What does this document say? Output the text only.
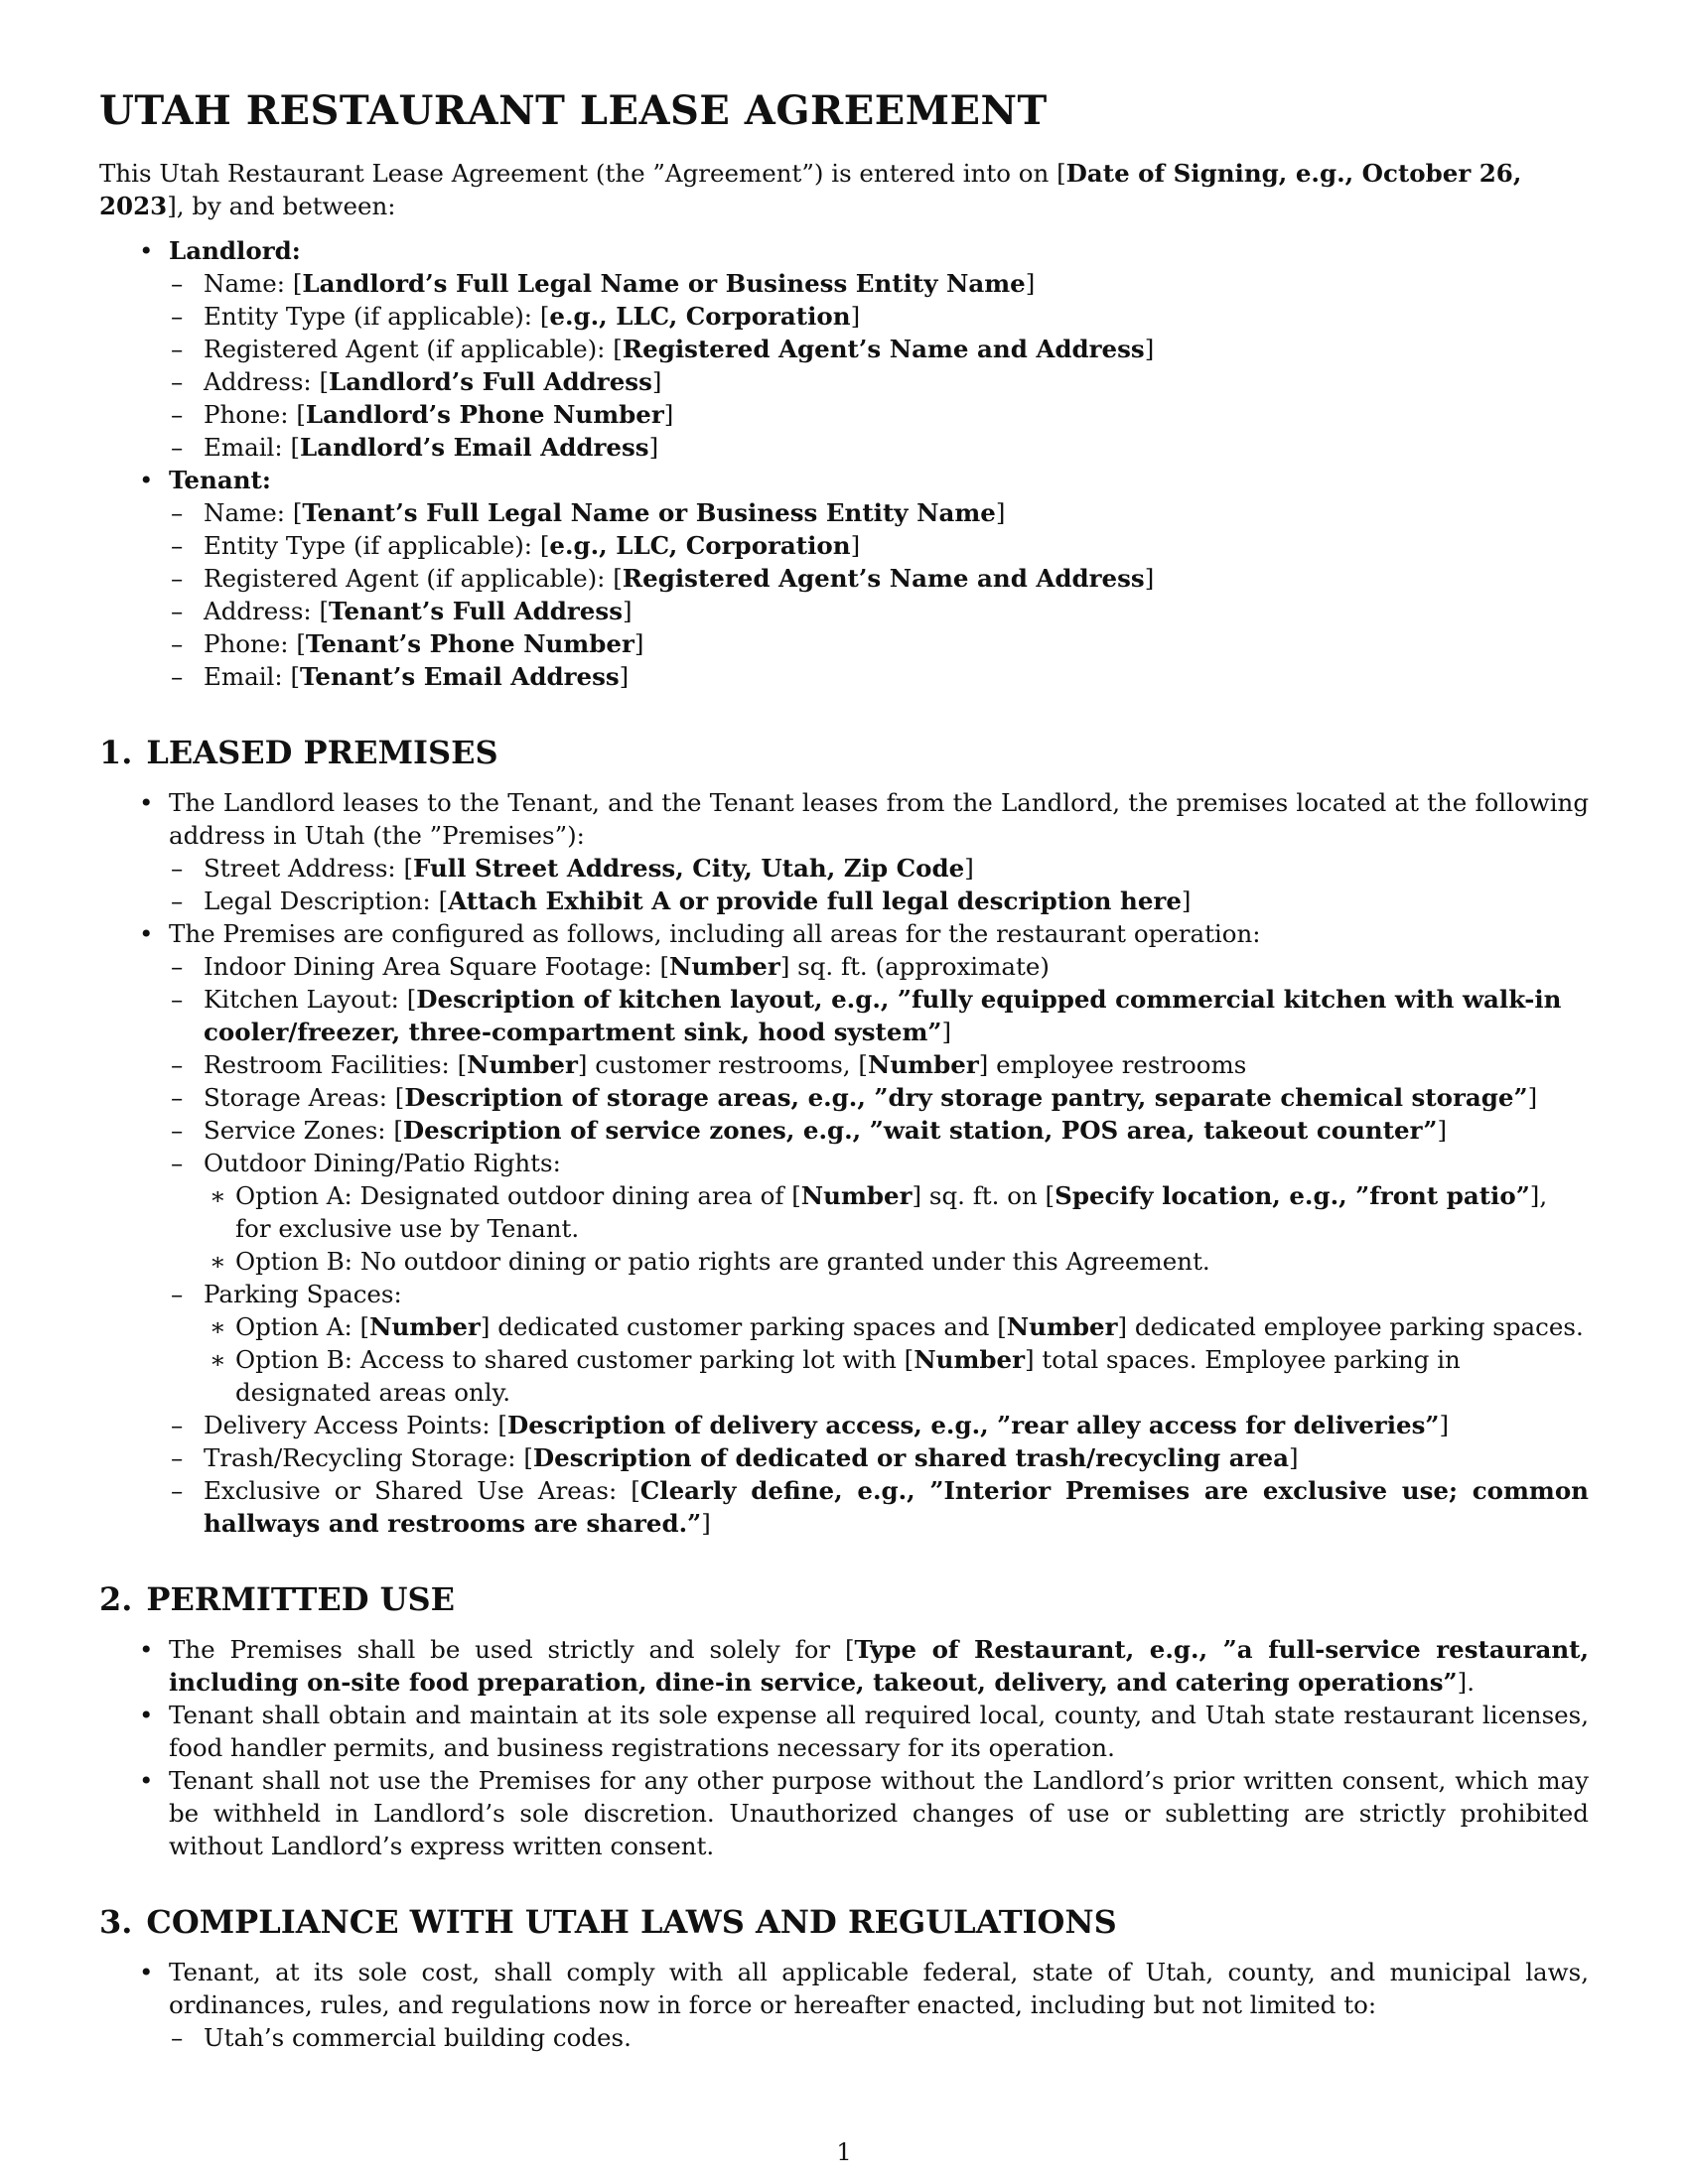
UTAH RESTAURANT LEASE AGREEMENT

This Utah Restaurant Lease Agreement (the ”Agreement”) is entered into on [Date of Signing, e.g., October 26, 2023], by and between:

• Landlord:
– Name: [Landlord’s Full Legal Name or Business Entity Name]
– Entity Type (if applicable): [e.g., LLC, Corporation]
– Registered Agent (if applicable): [Registered Agent’s Name and Address]
– Address: [Landlord’s Full Address]
– Phone: [Landlord’s Phone Number]
– Email: [Landlord’s Email Address]
• Tenant:
– Name: [Tenant’s Full Legal Name or Business Entity Name]
– Entity Type (if applicable): [e.g., LLC, Corporation]
– Registered Agent (if applicable): [Registered Agent’s Name and Address]
– Address: [Tenant’s Full Address]
– Phone: [Tenant’s Phone Number]
– Email: [Tenant’s Email Address]
1. LEASED PREMISES
• The Landlord leases to the Tenant, and the Tenant leases from the Landlord, the premises located at the following address in Utah (the ”Premises”):
– Street Address: [Full Street Address, City, Utah, Zip Code]
– Legal Description: [Attach Exhibit A or provide full legal description here]
• The Premises are configured as follows, including all areas for the restaurant operation:
– Indoor Dining Area Square Footage: [Number] sq. ft. (approximate)
– Kitchen Layout: [Description of kitchen layout, e.g., ”fully equipped commercial kitchen with walk-in cooler/freezer, three-compartment sink, hood system”]
– Restroom Facilities: [Number] customer restrooms, [Number] employee restrooms
– Storage Areas: [Description of storage areas, e.g., ”dry storage pantry, separate chemical storage”]
– Service Zones: [Description of service zones, e.g., ”wait station, POS area, takeout counter”]
– Outdoor Dining/Patio Rights:
∗ Option A: Designated outdoor dining area of [Number] sq. ft. on [Specify location, e.g., ”front patio”], for exclusive use by Tenant.
∗ Option B: No outdoor dining or patio rights are granted under this Agreement.
– Parking Spaces:
∗ Option A: [Number] dedicated customer parking spaces and [Number] dedicated employee parking spaces.
∗ Option B: Access to shared customer parking lot with [Number] total spaces. Employee parking in designated areas only.
– Delivery Access Points: [Description of delivery access, e.g., ”rear alley access for deliveries”]
– Trash/Recycling Storage: [Description of dedicated or shared trash/recycling area]
– Exclusive or Shared Use Areas: [Clearly define, e.g., ”Interior Premises are exclusive use; common hallways and restrooms are shared.”]
2. PERMITTED USE
• The Premises shall be used strictly and solely for [Type of Restaurant, e.g., ”a full-service restaurant, including on-site food preparation, dine-in service, takeout, delivery, and catering operations”].
• Tenant shall obtain and maintain at its sole expense all required local, county, and Utah state restaurant licenses, food handler permits, and business registrations necessary for its operation.
• Tenant shall not use the Premises for any other purpose without the Landlord’s prior written consent, which may be withheld in Landlord’s sole discretion. Unauthorized changes of use or subletting are strictly prohibited without Landlord’s express written consent.
3. COMPLIANCE WITH UTAH LAWS AND REGULATIONS
• Tenant, at its sole cost, shall comply with all applicable federal, state of Utah, county, and municipal laws, ordinances, rules, and regulations now in force or hereafter enacted, including but not limited to:
– Utah’s commercial building codes.
1
